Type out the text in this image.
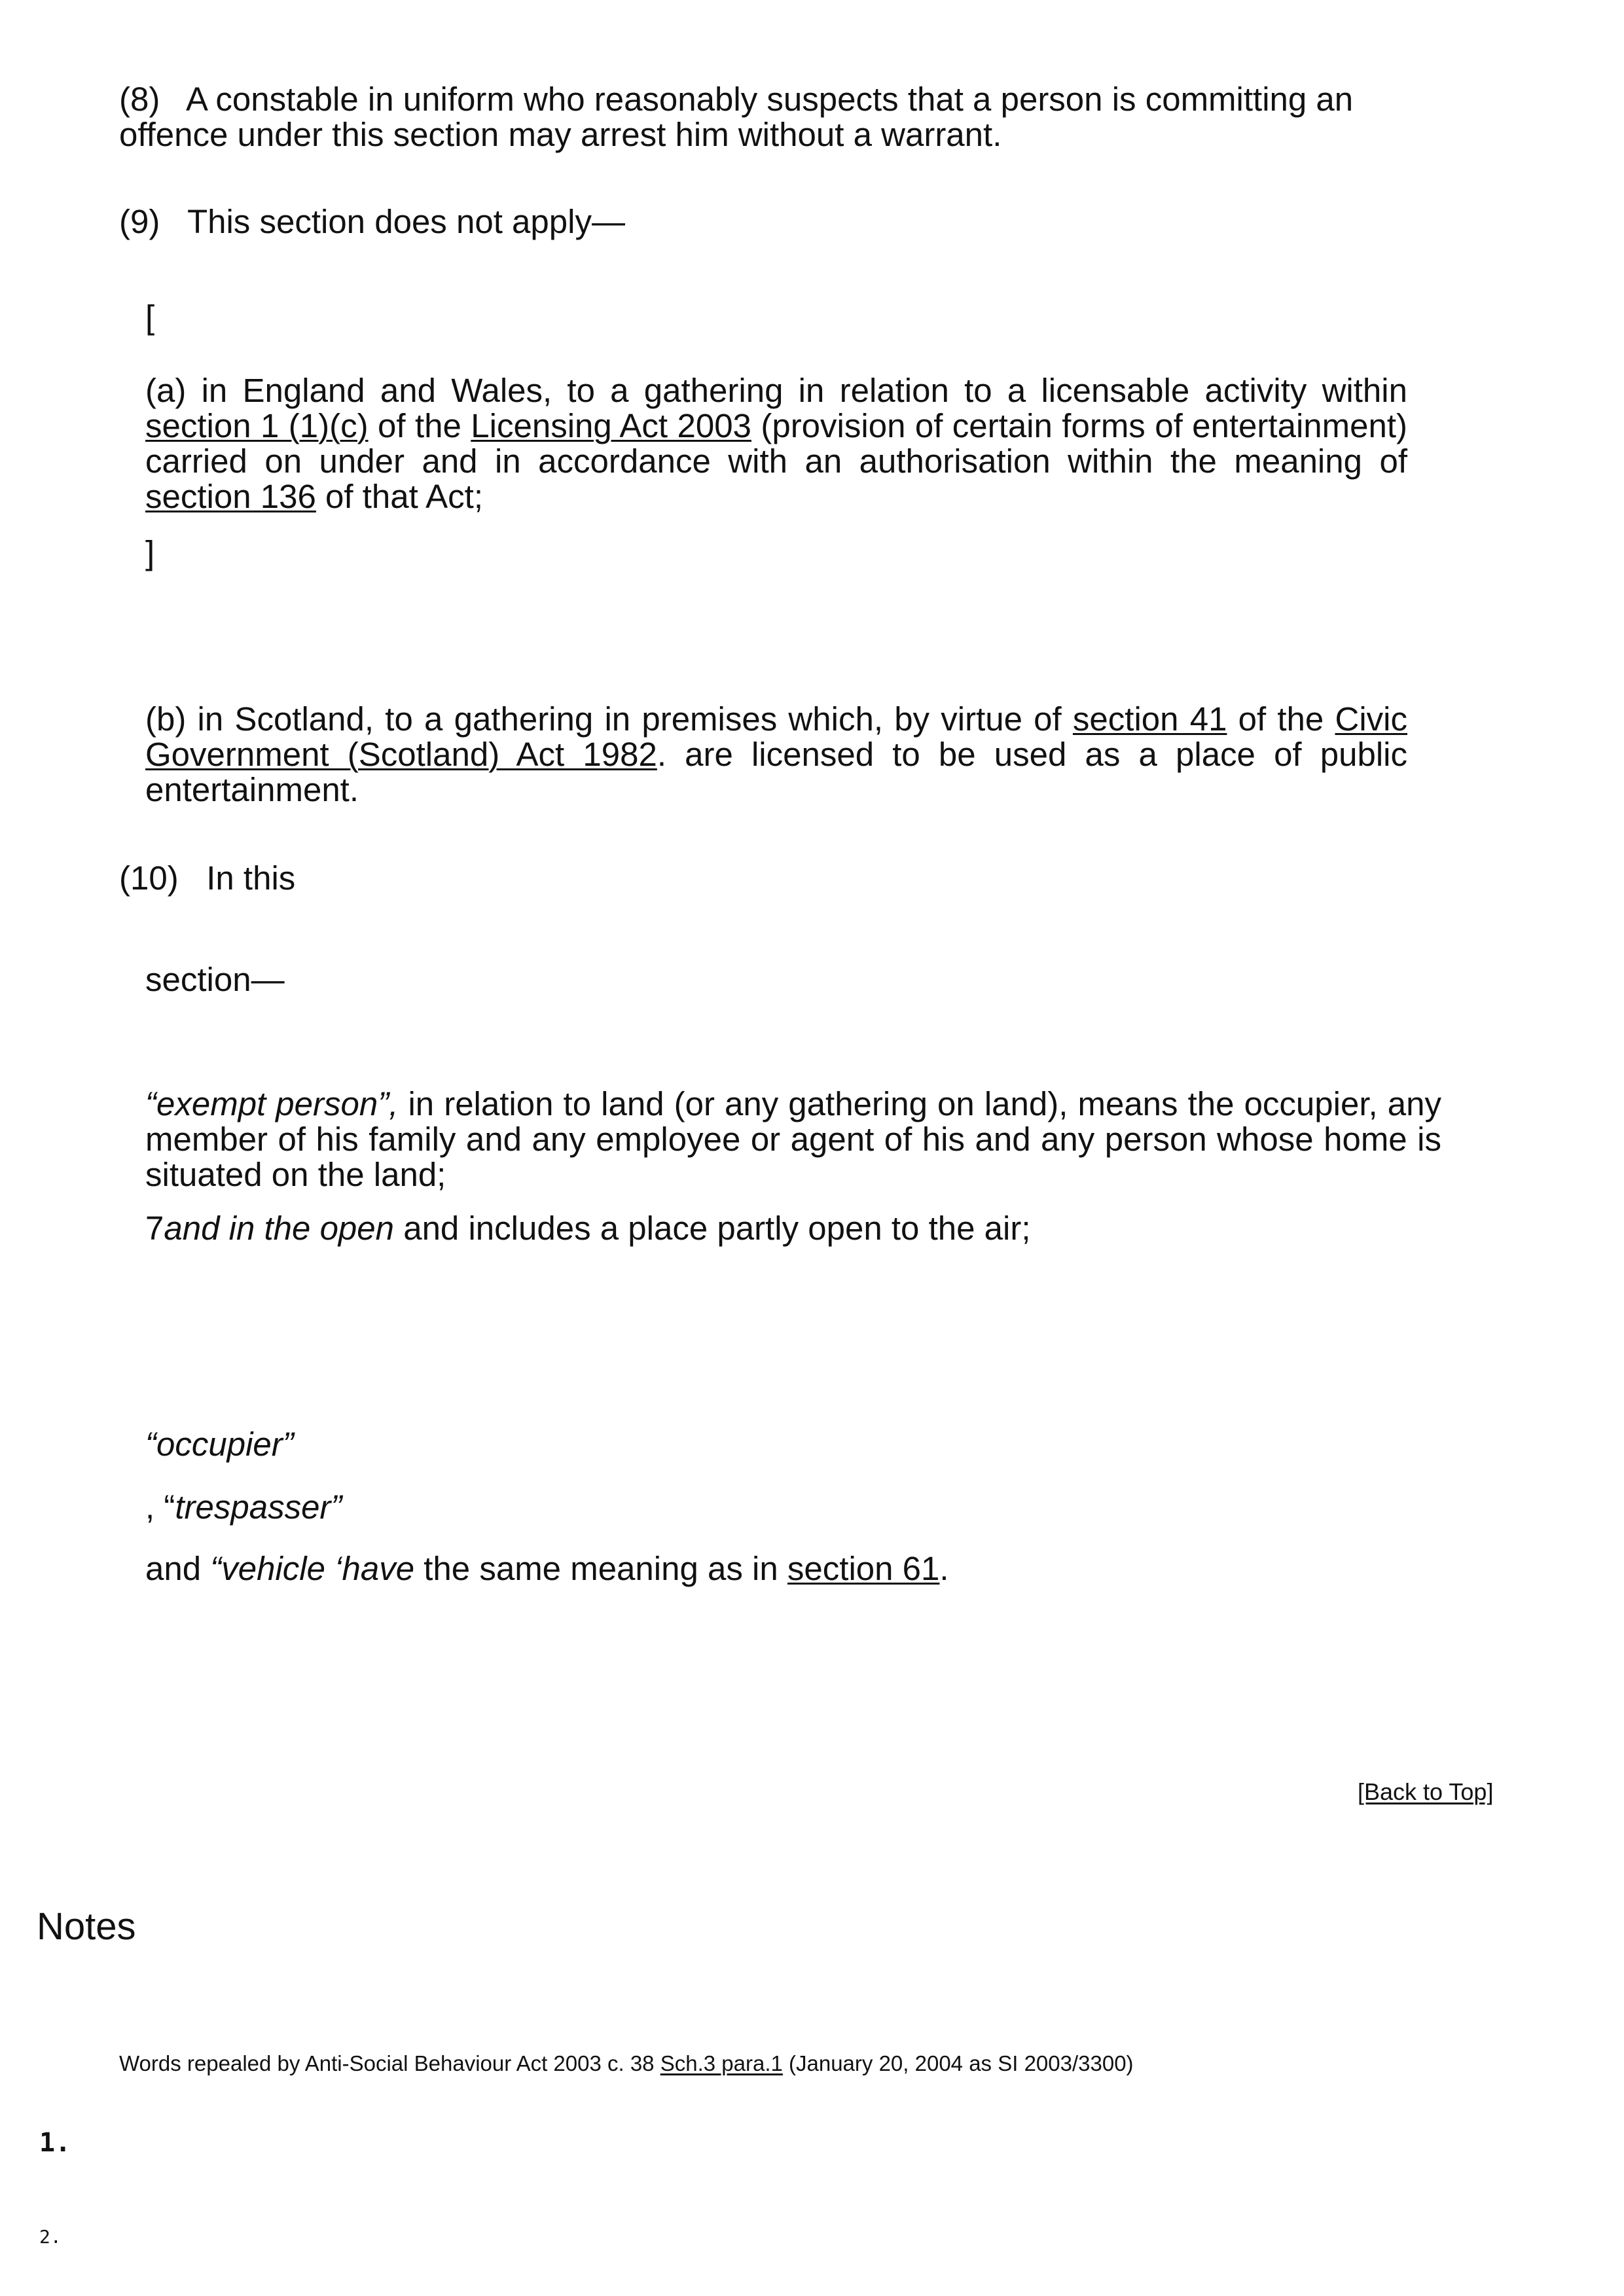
(8) A constable in uniform who reasonably suspects that a person is committing an offence under this section may arrest him without a warrant.

(9) This section does not apply—

[

(a) in England and Wales, to a gathering in relation to a licensable activity within section 1 (1)(c) of the Licensing Act 2003 (provision of certain forms of entertainment) carried on under and in accordance with an authorisation within the meaning of section 136 of that Act;

]

(b) in Scotland, to a gathering in premises which, by virtue of section 41 of the Civic Government (Scotland) Act 1982. are licensed to be used as a place of public entertainment.

(10) In this

section—

“exempt person”, in relation to land (or any gathering on land), means the occupier, any member of his family and any employee or agent of his and any person whose home is situated on the land;

7and in the open and includes a place partly open to the air;

“occupier”

, “trespasser”

and “vehicle ‘have the same meaning as in section 61.

[Back to Top]
Notes

Words repealed by Anti-Social Behaviour Act 2003 c. 38 Sch.3 para.1 (January 20, 2004 as SI 2003/3300)

1.

2.
